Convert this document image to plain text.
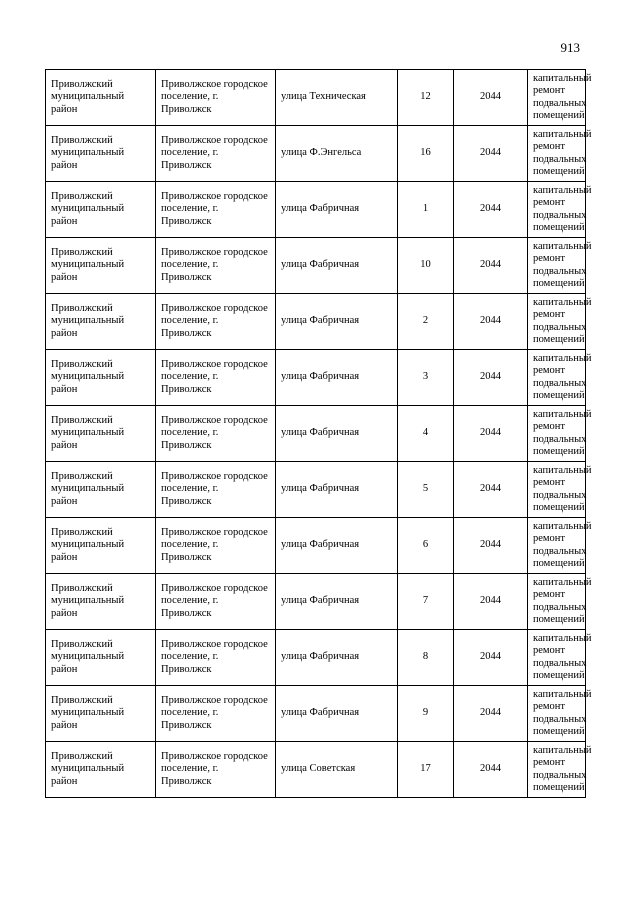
913
Приволжский муниципальный район	Приволжское городское поселение, г. Приволжск	улица Техническая	12	2044	капитальный ремонт подвальных помещений
Приволжский муниципальный район	Приволжское городское поселение, г. Приволжск	улица Ф.Энгельса	16	2044	капитальный ремонт подвальных помещений
Приволжский муниципальный район	Приволжское городское поселение, г. Приволжск	улица Фабричная	1	2044	капитальный ремонт подвальных помещений
Приволжский муниципальный район	Приволжское городское поселение, г. Приволжск	улица Фабричная	10	2044	капитальный ремонт подвальных помещений
Приволжский муниципальный район	Приволжское городское поселение, г. Приволжск	улица Фабричная	2	2044	капитальный ремонт подвальных помещений
Приволжский муниципальный район	Приволжское городское поселение, г. Приволжск	улица Фабричная	3	2044	капитальный ремонт подвальных помещений
Приволжский муниципальный район	Приволжское городское поселение, г. Приволжск	улица Фабричная	4	2044	капитальный ремонт подвальных помещений
Приволжский муниципальный район	Приволжское городское поселение, г. Приволжск	улица Фабричная	5	2044	капитальный ремонт подвальных помещений
Приволжский муниципальный район	Приволжское городское поселение, г. Приволжск	улица Фабричная	6	2044	капитальный ремонт подвальных помещений
Приволжский муниципальный район	Приволжское городское поселение, г. Приволжск	улица Фабричная	7	2044	капитальный ремонт подвальных помещений
Приволжский муниципальный район	Приволжское городское поселение, г. Приволжск	улица Фабричная	8	2044	капитальный ремонт подвальных помещений
Приволжский муниципальный район	Приволжское городское поселение, г. Приволжск	улица Фабричная	9	2044	капитальный ремонт подвальных помещений
Приволжский муниципальный район	Приволжское городское поселение, г. Приволжск	улица Советская	17	2044	капитальный ремонт подвальных помещений
